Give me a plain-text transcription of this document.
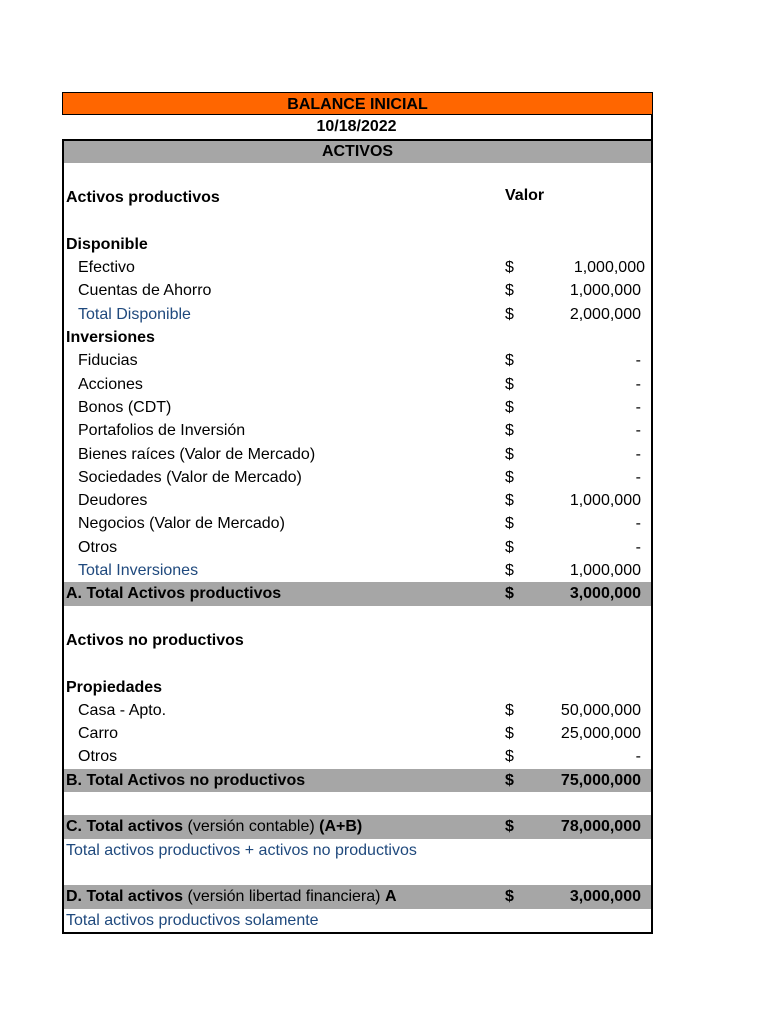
BALANCE INICIAL
10/18/2022
ACTIVOS
Activos productivos	Valor
Disponible
Efectivo	$	1,000,000
Cuentas de Ahorro	$	1,000,000
Total Disponible	$	2,000,000
Inversiones
Fiducias	$	-
Acciones	$	-
Bonos (CDT)	$	-
Portafolios de Inversión	$	-
Bienes raíces (Valor de Mercado)	$	-
Sociedades (Valor de Mercado)	$	-
Deudores	$	1,000,000
Negocios (Valor de Mercado)	$	-
Otros	$	-
Total Inversiones	$	1,000,000
A. Total Activos productivos	$	3,000,000
Activos no productivos
Propiedades
Casa - Apto.	$	50,000,000
Carro	$	25,000,000
Otros	$	-
B. Total Activos no productivos	$	75,000,000
C. Total activos (versión contable) (A+B)	$	78,000,000
Total activos productivos + activos no productivos
D. Total activos (versión libertad financiera) A	$	3,000,000
Total activos productivos solamente
